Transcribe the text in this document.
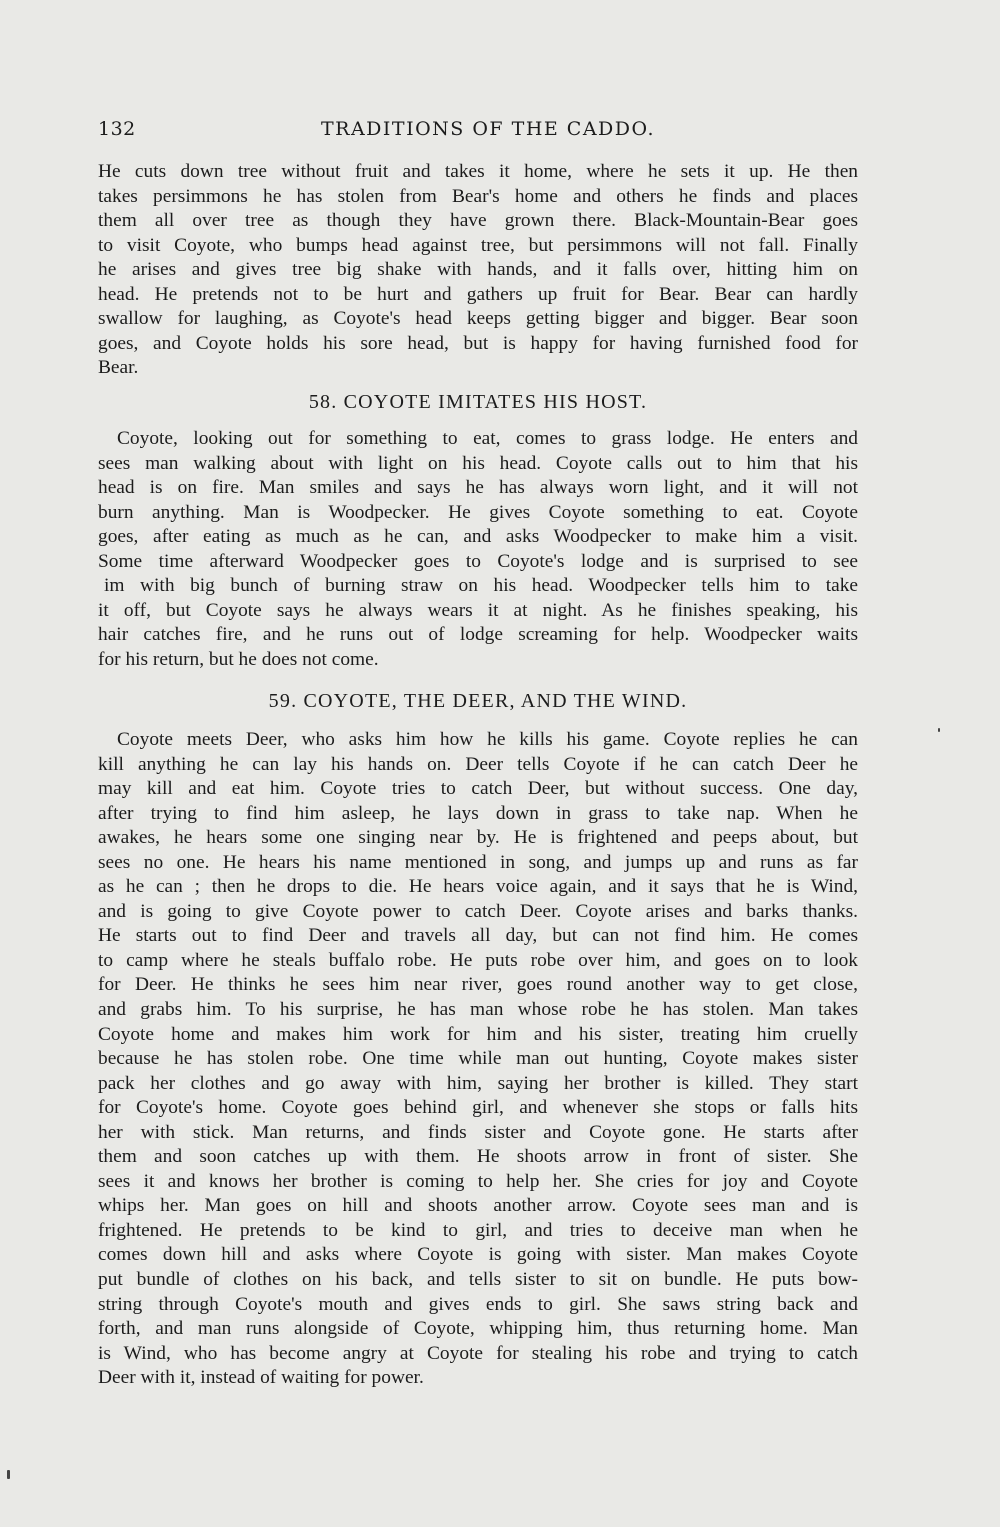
132	TRADITIONS OF THE CADDO.
He cuts down tree without fruit and takes it home, where he sets it up. He then
takes persimmons he has stolen from Bear's home and others he finds and places
them all over tree as though they have grown there. Black-Mountain-Bear goes
to visit Coyote, who bumps head against tree, but persimmons will not fall. Finally
he arises and gives tree big shake with hands, and it falls over, hitting him on
head. He pretends not to be hurt and gathers up fruit for Bear. Bear can hardly
swallow for laughing, as Coyote's head keeps getting bigger and bigger. Bear soon
goes, and Coyote holds his sore head, but is happy for having furnished food for
Bear.
58. COYOTE IMITATES HIS HOST.
Coyote, looking out for something to eat, comes to grass lodge. He enters and
sees man walking about with light on his head. Coyote calls out to him that his
head is on fire. Man smiles and says he has always worn light, and it will not
burn anything. Man is Woodpecker. He gives Coyote something to eat. Coyote
goes, after eating as much as he can, and asks Woodpecker to make him a visit.
Some time afterward Woodpecker goes to Coyote's lodge and is surprised to see
im with big bunch of burning straw on his head. Woodpecker tells him to take
it off, but Coyote says he always wears it at night. As he finishes speaking, his
hair catches fire, and he runs out of lodge screaming for help. Woodpecker waits
for his return, but he does not come.
59. COYOTE, THE DEER, AND THE WIND.
Coyote meets Deer, who asks him how he kills his game. Coyote replies he can
kill anything he can lay his hands on. Deer tells Coyote if he can catch Deer he
may kill and eat him. Coyote tries to catch Deer, but without success. One day,
after trying to find him asleep, he lays down in grass to take nap. When he
awakes, he hears some one singing near by. He is frightened and peeps about, but
sees no one. He hears his name mentioned in song, and jumps up and runs as far
as he can ; then he drops to die. He hears voice again, and it says that he is Wind,
and is going to give Coyote power to catch Deer. Coyote arises and barks thanks.
He starts out to find Deer and travels all day, but can not find him. He comes
to camp where he steals buffalo robe. He puts robe over him, and goes on to look
for Deer. He thinks he sees him near river, goes round another way to get close,
and grabs him. To his surprise, he has man whose robe he has stolen. Man takes
Coyote home and makes him work for him and his sister, treating him cruelly
because he has stolen robe. One time while man out hunting, Coyote makes sister
pack her clothes and go away with him, saying her brother is killed. They start
for Coyote's home. Coyote goes behind girl, and whenever she stops or falls hits
her with stick. Man returns, and finds sister and Coyote gone. He starts after
them and soon catches up with them. He shoots arrow in front of sister. She
sees it and knows her brother is coming to help her. She cries for joy and Coyote
whips her. Man goes on hill and shoots another arrow. Coyote sees man and is
frightened. He pretends to be kind to girl, and tries to deceive man when he
comes down hill and asks where Coyote is going with sister. Man makes Coyote
put bundle of clothes on his back, and tells sister to sit on bundle. He puts bow-
string through Coyote's mouth and gives ends to girl. She saws string back and
forth, and man runs alongside of Coyote, whipping him, thus returning home. Man
is Wind, who has become angry at Coyote for stealing his robe and trying to catch
Deer with it, instead of waiting for power.
